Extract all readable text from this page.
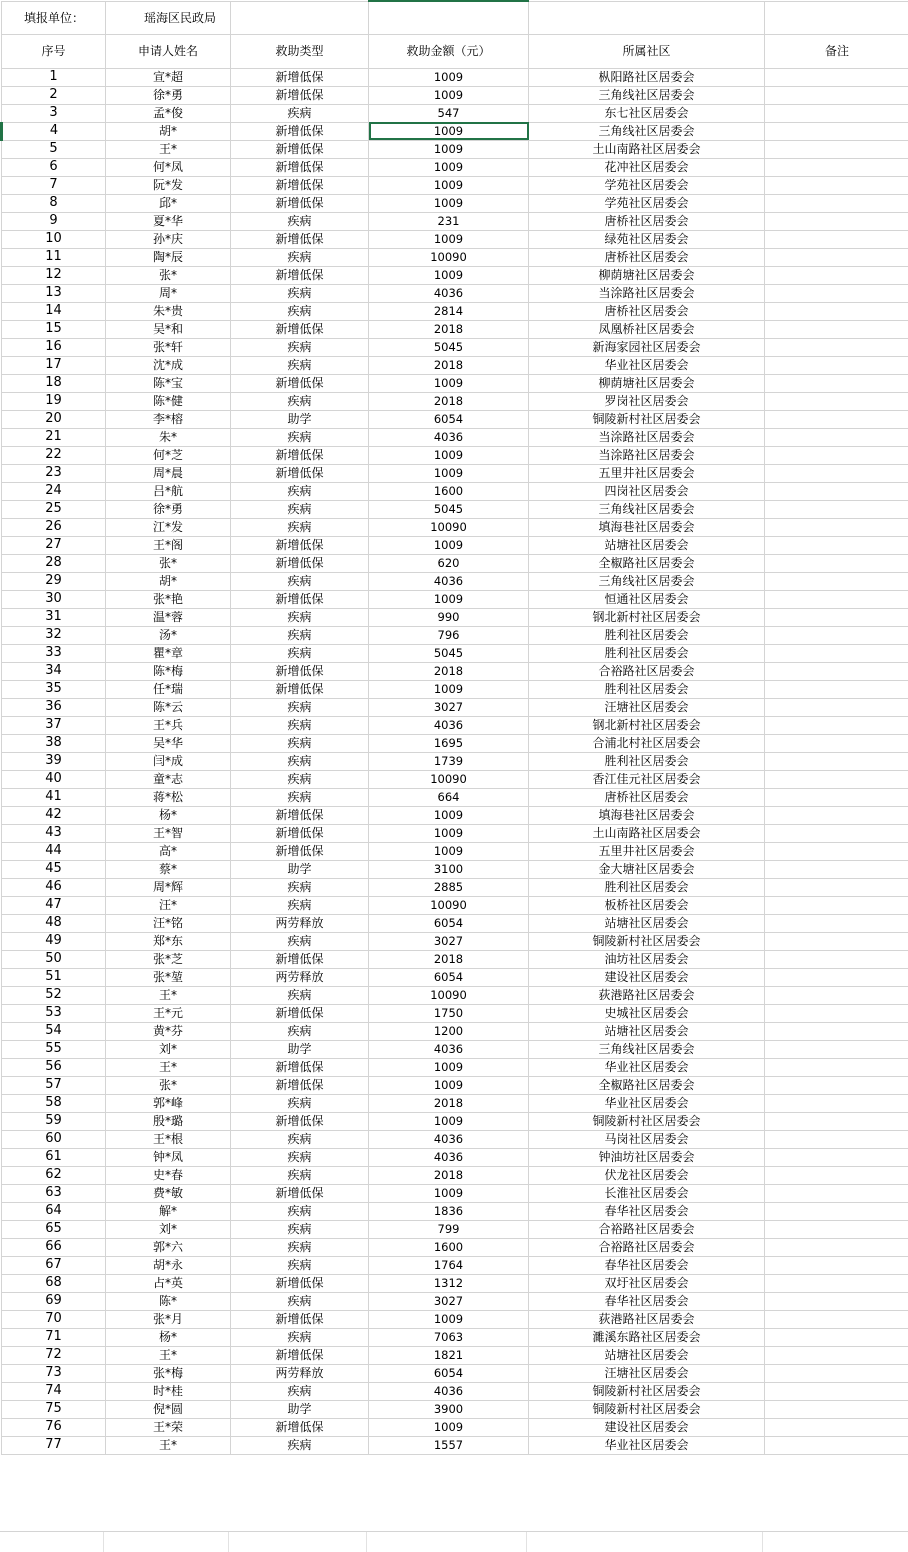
填报单位：	瑶海区民政局				
序号	申请人姓名	救助类型	救助金额（元）	所属社区	备注
1	宣*超	新增低保	1009	枞阳路社区居委会	
2	徐*勇	新增低保	1009	三角线社区居委会	
3	孟*俊	疾病	547	东七社区居委会	
4	胡*	新增低保	1009	三角线社区居委会	
5	王*	新增低保	1009	土山南路社区居委会	
6	何*凤	新增低保	1009	花冲社区居委会	
7	阮*发	新增低保	1009	学苑社区居委会	
8	邱*	新增低保	1009	学苑社区居委会	
9	夏*华	疾病	231	唐桥社区居委会	
10	孙*庆	新增低保	1009	绿苑社区居委会	
11	陶*辰	疾病	10090	唐桥社区居委会	
12	张*	新增低保	1009	柳荫塘社区居委会	
13	周*	疾病	4036	当涂路社区居委会	
14	朱*贵	疾病	2814	唐桥社区居委会	
15	吴*和	新增低保	2018	凤凰桥社区居委会	
16	张*轩	疾病	5045	新海家园社区居委会	
17	沈*成	疾病	2018	华业社区居委会	
18	陈*宝	新增低保	1009	柳荫塘社区居委会	
19	陈*健	疾病	2018	罗岗社区居委会	
20	李*榕	助学	6054	铜陵新村社区居委会	
21	朱*	疾病	4036	当涂路社区居委会	
22	何*芝	新增低保	1009	当涂路社区居委会	
23	周*晨	新增低保	1009	五里井社区居委会	
24	吕*航	疾病	1600	四岗社区居委会	
25	徐*勇	疾病	5045	三角线社区居委会	
26	江*发	疾病	10090	填海巷社区居委会	
27	王*阁	新增低保	1009	站塘社区居委会	
28	张*	新增低保	620	全椒路社区居委会	
29	胡*	疾病	4036	三角线社区居委会	
30	张*艳	新增低保	1009	恒通社区居委会	
31	温*蓉	疾病	990	钢北新村社区居委会	
32	汤*	疾病	796	胜利社区居委会	
33	瞿*章	疾病	5045	胜利社区居委会	
34	陈*梅	新增低保	2018	合裕路社区居委会	
35	任*瑞	新增低保	1009	胜利社区居委会	
36	陈*云	疾病	3027	汪塘社区居委会	
37	王*兵	疾病	4036	钢北新村社区居委会	
38	吴*华	疾病	1695	合浦北村社区居委会	
39	闫*成	疾病	1739	胜利社区居委会	
40	童*志	疾病	10090	香江佳元社区居委会	
41	蒋*松	疾病	664	唐桥社区居委会	
42	杨*	新增低保	1009	填海巷社区居委会	
43	王*智	新增低保	1009	土山南路社区居委会	
44	高*	新增低保	1009	五里井社区居委会	
45	蔡*	助学	3100	金大塘社区居委会	
46	周*辉	疾病	2885	胜利社区居委会	
47	汪*	疾病	10090	板桥社区居委会	
48	汪*铭	两劳释放	6054	站塘社区居委会	
49	郑*东	疾病	3027	铜陵新村社区居委会	
50	张*芝	新增低保	2018	油坊社区居委会	
51	张*堃	两劳释放	6054	建设社区居委会	
52	王*	疾病	10090	荻港路社区居委会	
53	王*元	新增低保	1750	史城社区居委会	
54	黄*芬	疾病	1200	站塘社区居委会	
55	刘*	助学	4036	三角线社区居委会	
56	王*	新增低保	1009	华业社区居委会	
57	张*	新增低保	1009	全椒路社区居委会	
58	郭*峰	疾病	2018	华业社区居委会	
59	殷*璐	新增低保	1009	铜陵新村社区居委会	
60	王*根	疾病	4036	马岗社区居委会	
61	钟*凤	疾病	4036	钟油坊社区居委会	
62	史*春	疾病	2018	伏龙社区居委会	
63	费*敏	新增低保	1009	长淮社区居委会	
64	解*	疾病	1836	春华社区居委会	
65	刘*	疾病	799	合裕路社区居委会	
66	郭*六	疾病	1600	合裕路社区居委会	
67	胡*永	疾病	1764	春华社区居委会	
68	占*英	新增低保	1312	双圩社区居委会	
69	陈*	疾病	3027	春华社区居委会	
70	张*月	新增低保	1009	荻港路社区居委会	
71	杨*	疾病	7063	濉溪东路社区居委会	
72	王*	新增低保	1821	站塘社区居委会	
73	张*梅	两劳释放	6054	汪塘社区居委会	
74	时*桂	疾病	4036	铜陵新村社区居委会	
75	倪*圆	助学	3900	铜陵新村社区居委会	
76	王*荣	新增低保	1009	建设社区居委会	
77	王*	疾病	1557	华业社区居委会	
